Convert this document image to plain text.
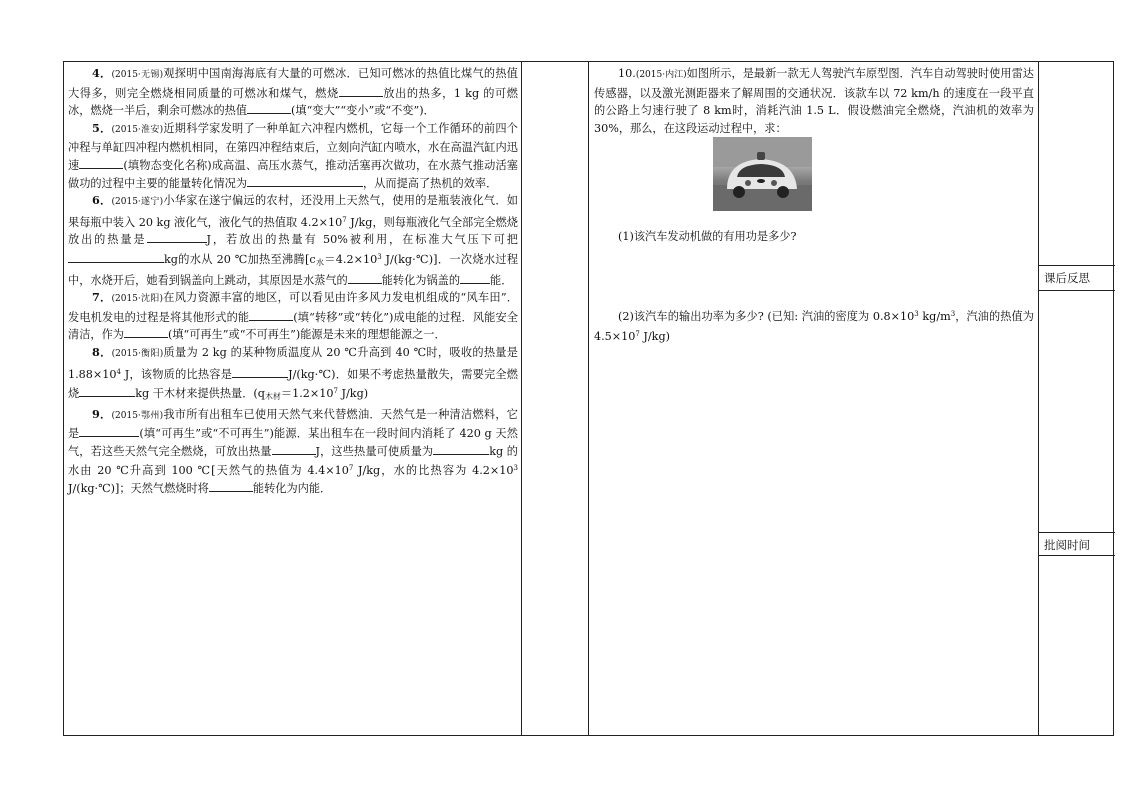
4．(2015·无锡)观探明中国南海海底有大量的可燃冰．已知可燃冰的热值比煤气的热值大得多，则完全燃烧相同质量的可燃冰和煤气，燃烧	放出的热多，1 kg 的可燃冰，燃烧一半后，剩余可燃冰的热值	(填“变大”“变小”或“不变”)．

5．(2015·淮安)近期科学家发明了一种单缸六冲程内燃机，它每一个工作循环的前四个冲程与单缸四冲程内燃机相同，在第四冲程结束后，立刻向汽缸内喷水，水在高温汽缸内迅速	(填物态变化名称)成高温、高压水蒸气，推动活塞再次做功，在水蒸气推动活塞做功的过程中主要的能量转化情况为	，从而提高了热机的效率．

6．(2015·遂宁)小华家在遂宁偏远的农村，还没用上天然气，使用的是瓶装液化气．如果每瓶中装入 20 kg 液化气，液化气的热值取 $4.2\times 10^7$ J/kg，则每瓶液化气全部完全燃烧放出的热量是	J，若放出的热量有 50%被利用，在标准大气压下可把kg的水从 20 ℃加热至沸腾[$c_水=4.2\times 10^3$ J/(kg·℃)]．一次烧水过程中，水烧开后，她看到锅盖向上跳动，其原因是水蒸气的	能转化为锅盖的	能．

7．(2015·沈阳)在风力资源丰富的地区，可以看见由许多风力发电机组成的“风车田”．发电机发电的过程是将其他形式的能	(填“转移”或“转化”)成电能的过程．风能安全清洁，作为	(填“可再生”或“不可再生”)能源是未来的理想能源之一．

8．(2015·衡阳)质量为 2 kg 的某种物质温度从 20 ℃升高到 40 ℃时，吸收的热量是 $1.88\times 10^4$ J，该物质的比热容是	J/(kg·℃)．如果不考虑热量散失，需要完全燃烧	kg 干木材来提供热量．($q_{木材}=1.2\times 10^7$ J/kg)

9．(2015·鄂州)我市所有出租车已使用天然气来代替燃油．天然气是一种清洁燃料，它是	(填“可再生”或“不可再生”)能源．某出租车在一段时间内消耗了 420 g 天然气，若这些天然气完全燃烧，可放出热量	J，这些热量可使质量为	kg 的水由 20 ℃升高到 100 ℃[天然气的热值为 $4.4\times 10^7$ J/kg，水的比热容为 $4.2\times 10^3$ J/(kg·℃)]；天然气燃烧时将	能转化为内能．

10.(2015·内江)如图所示，是最新一款无人驾驶汽车原型图．汽车自动驾驶时使用雷达传感器，以及激光测距器来了解周围的交通状况．该款车以 72 km/h 的速度在一段平直的公路上匀速行驶了 8 km时，消耗汽油 1.5 L．假设燃油完全燃烧，汽油机的效率为30%，那么，在这段运动过程中，求：

(1)该汽车发动机做的有用功是多少?

(2)该汽车的输出功率为多少? (已知: 汽油的密度为 $0.8\times 10^3$ $kg/m^3$，汽油的热值为 $4.5\times 10^7$ J/kg)

课后反思
批阅时间
